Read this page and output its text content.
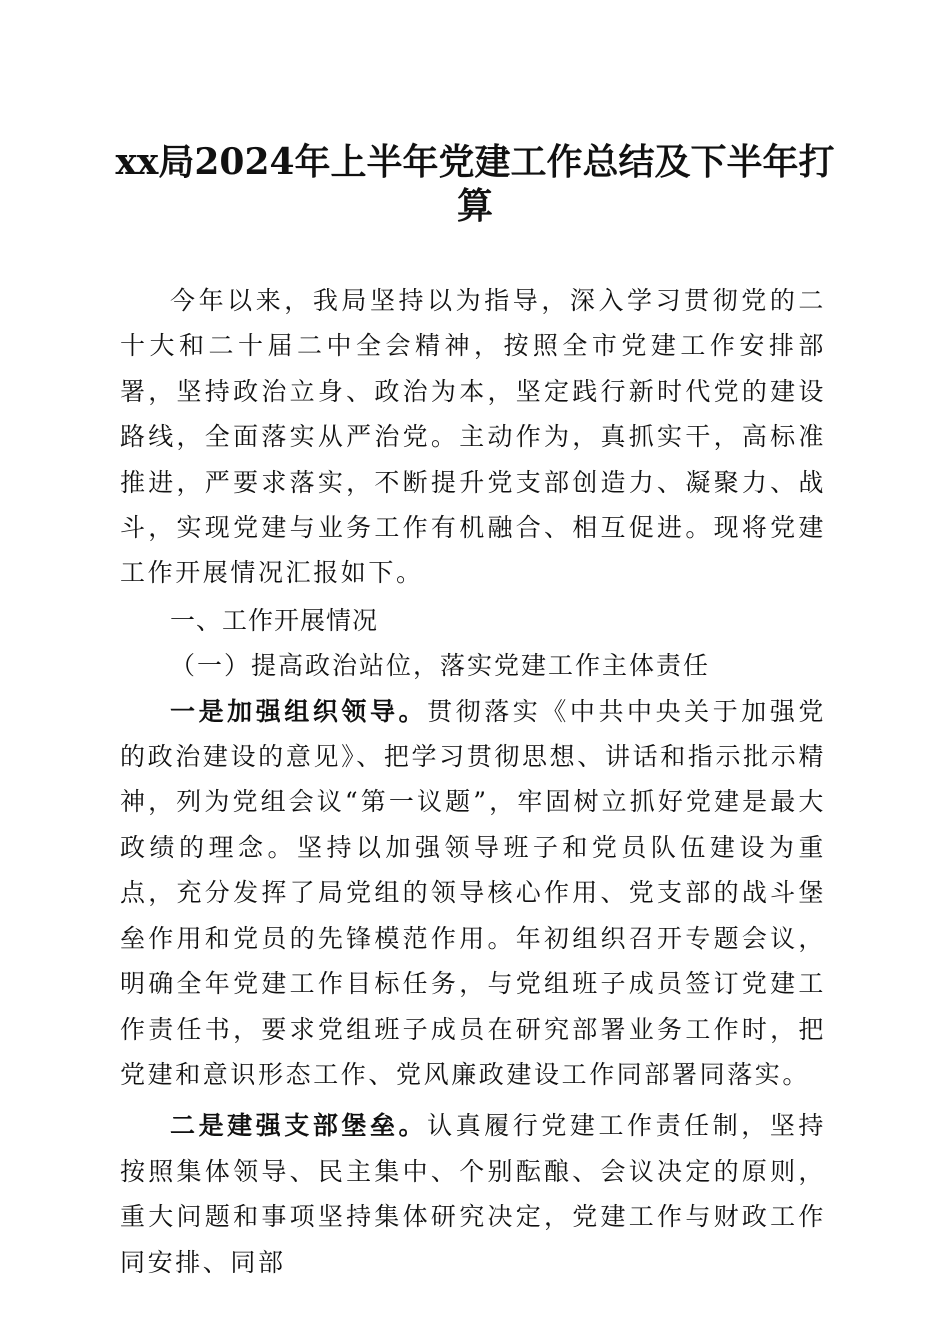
xx局2024年上半年党建工作总结及下半年打
算

今年以来，我局坚持以为指导，深入学习贯彻党的二十大和二十届二中全会精神，按照全市党建工作安排部署，坚持政治立身、政治为本，坚定践行新时代党的建设路线，全面落实从严治党。主动作为，真抓实干，高标准推进，严要求落实，不断提升党支部创造力、凝聚力、战斗，实现党建与业务工作有机融合、相互促进。现将党建工作开展情况汇报如下。

一、工作开展情况

（一）提高政治站位，落实党建工作主体责任

一是加强组织领导。贯彻落实《中共中央关于加强党的政治建设的意见》、把学习贯彻思想、讲话和指示批示精神，列为党组会议“第一议题”，牢固树立抓好党建是最大政绩的理念。坚持以加强领导班子和党员队伍建设为重点，充分发挥了局党组的领导核心作用、党支部的战斗堡垒作用和党员的先锋模范作用。年初组织召开专题会议，明确全年党建工作目标任务，与党组班子成员签订党建工作责任书，要求党组班子成员在研究部署业务工作时，把党建和意识形态工作、党风廉政建设工作同部署同落实。

二是建强支部堡垒。认真履行党建工作责任制，坚持按照集体领导、民主集中、个别酝酿、会议决定的原则，重大问题和事项坚持集体研究决定，党建工作与财政工作同安排、同部
